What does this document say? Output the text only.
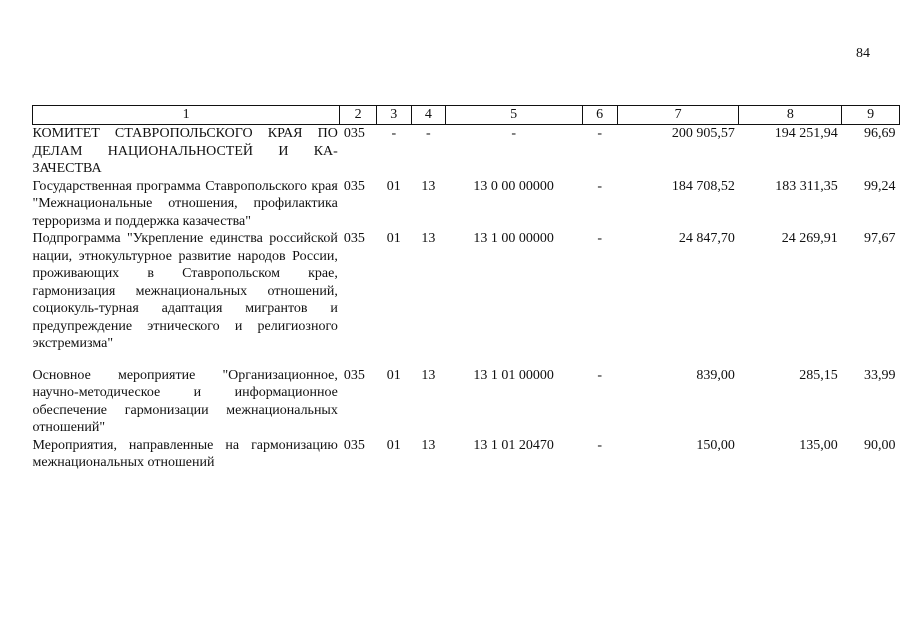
84
1	2	3	4	5	6	7	8	9
КОМИТЕТ СТАВРОПОЛЬСКОГО КРАЯ ПО ДЕЛАМ НАЦИОНАЛЬНОСТЕЙ И КА-ЗАЧЕСТВА	035	-	-	-	-	200 905,57	194 251,94	96,69
Государственная программа Ставропольского края "Межнациональные отношения, профилактика терроризма и поддержка казачества"	035	01	13	13 0 00 00000	-	184 708,52	183 311,35	99,24
Подпрограмма "Укрепление единства российской нации, этнокультурное развитие народов России, проживающих в Ставропольском крае, гармонизация межнациональных отношений, социокуль-турная адаптация мигрантов и предупреждение этнического и религиозного экстремизма"	035	01	13	13 1 00 00000	-	24 847,70	24 269,91	97,67

Основное мероприятие "Организационное, научно-методическое и информационное обеспечение гармонизации межнациональных отношений"	035	01	13	13 1 01 00000	-	839,00	285,15	33,99
Мероприятия, направленные на гармонизацию межнациональных отношений	035	01	13	13 1 01 20470	-	150,00	135,00	90,00
